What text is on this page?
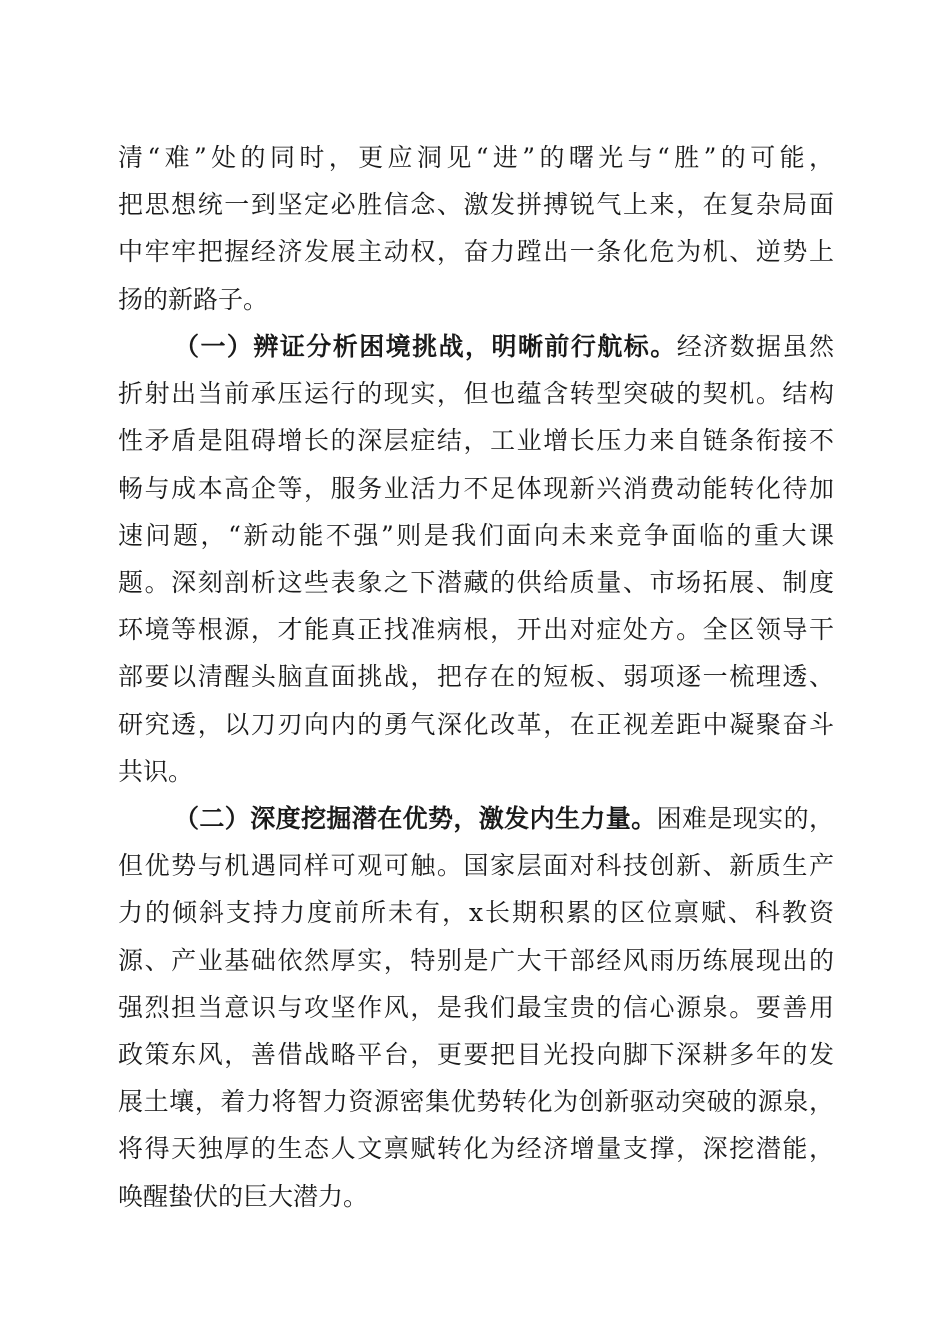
清“难”处的同时，更应洞见“进”的曙光与“胜”的可能，
把思想统一到坚定必胜信念、激发拼搏锐气上来，在复杂局面
中牢牢把握经济发展主动权，奋力蹚出一条化危为机、逆势上
扬的新路子。
（一）辨证分析困境挑战，明晰前行航标。经济数据虽然
折射出当前承压运行的现实，但也蕴含转型突破的契机。结构
性矛盾是阻碍增长的深层症结，工业增长压力来自链条衔接不
畅与成本高企等，服务业活力不足体现新兴消费动能转化待加
速问题，“新动能不强”则是我们面向未来竞争面临的重大课
题。深刻剖析这些表象之下潜藏的供给质量、市场拓展、制度
环境等根源，才能真正找准病根，开出对症处方。全区领导干
部要以清醒头脑直面挑战，把存在的短板、弱项逐一梳理透、
研究透，以刀刃向内的勇气深化改革，在正视差距中凝聚奋斗
共识。
（二）深度挖掘潜在优势，激发内生力量。困难是现实的，
但优势与机遇同样可观可触。国家层面对科技创新、新质生产
力的倾斜支持力度前所未有，x长期积累的区位禀赋、科教资
源、产业基础依然厚实，特别是广大干部经风雨历练展现出的
强烈担当意识与攻坚作风，是我们最宝贵的信心源泉。要善用
政策东风，善借战略平台，更要把目光投向脚下深耕多年的发
展土壤，着力将智力资源密集优势转化为创新驱动突破的源泉，
将得天独厚的生态人文禀赋转化为经济增量支撑，深挖潜能，
唤醒蛰伏的巨大潜力。
